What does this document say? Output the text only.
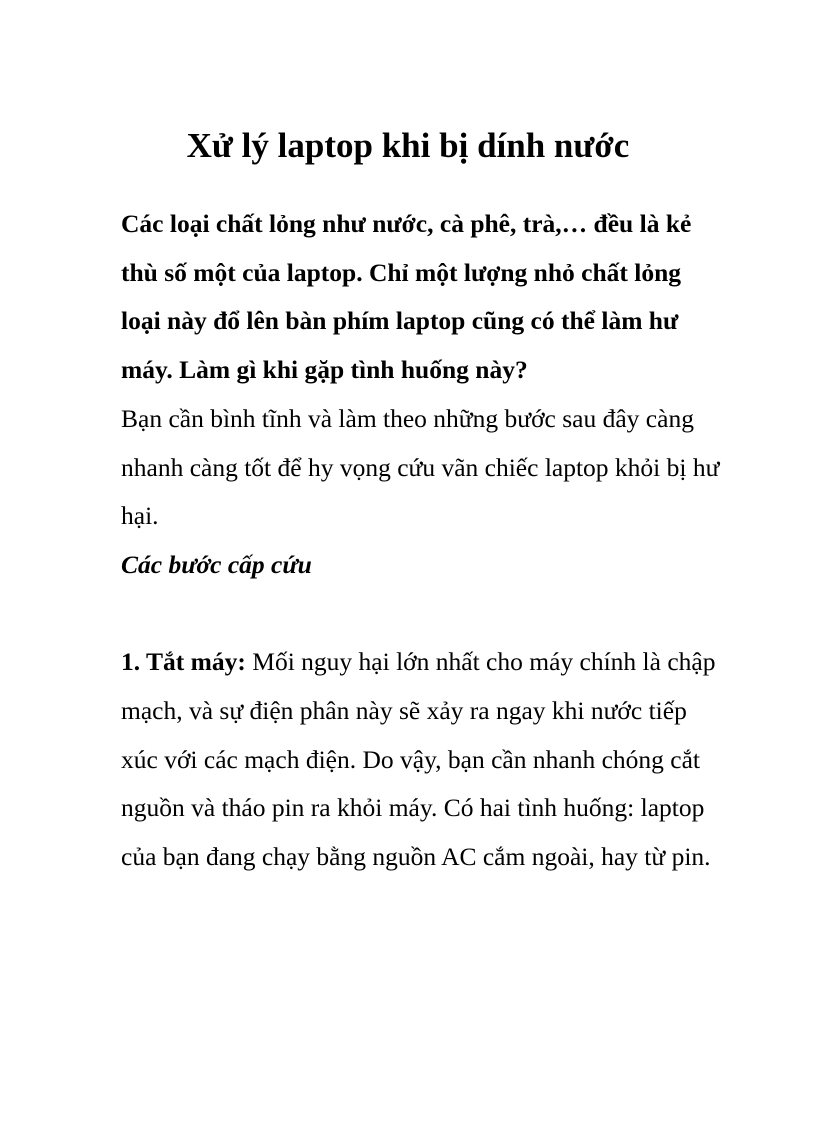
Xử lý laptop khi bị dính nước

Các loại chất lỏng như nước, cà phê, trà,… đều là kẻ thù số một của laptop. Chỉ một lượng nhỏ chất lỏng loại này đổ lên bàn phím laptop cũng có thể làm hư máy. Làm gì khi gặp tình huống này?

Bạn cần bình tĩnh và làm theo những bước sau đây càng nhanh càng tốt để hy vọng cứu vãn chiếc laptop khỏi bị hư hại.

Các bước cấp cứu

1. Tắt máy: Mối nguy hại lớn nhất cho máy chính là chập mạch, và sự điện phân này sẽ xảy ra ngay khi nước tiếp xúc với các mạch điện. Do vậy, bạn cần nhanh chóng cắt nguồn và tháo pin ra khỏi máy. Có hai tình huống: laptop của bạn đang chạy bằng nguồn AC cắm ngoài, hay từ pin.
